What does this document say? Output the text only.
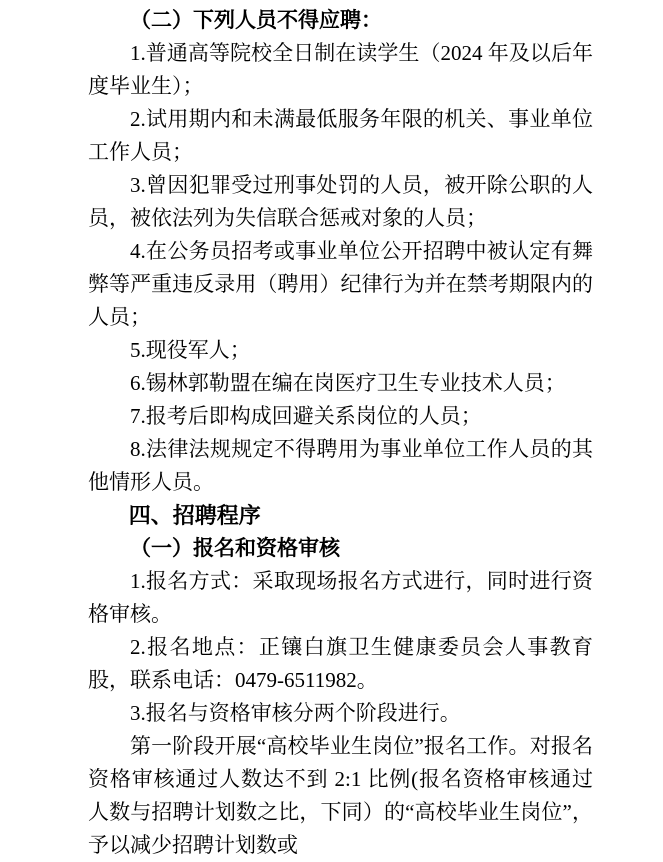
（二）下列人员不得应聘：
1.普通高等院校全日制在读学生（2024 年及以后年度毕业生）；
2.试用期内和未满最低服务年限的机关、事业单位工作人员；
3.曾因犯罪受过刑事处罚的人员，被开除公职的人员，被依法列为失信联合惩戒对象的人员；
4.在公务员招考或事业单位公开招聘中被认定有舞弊等严重违反录用（聘用）纪律行为并在禁考期限内的人员；
5.现役军人；
6.锡林郭勒盟在编在岗医疗卫生专业技术人员；
7.报考后即构成回避关系岗位的人员；
8.法律法规规定不得聘用为事业单位工作人员的其他情形人员。
四、招聘程序
（一）报名和资格审核
1.报名方式：采取现场报名方式进行，同时进行资格审核。
2.报名地点：正镶白旗卫生健康委员会人事教育股，联系电话：0479-6511982。
3.报名与资格审核分两个阶段进行。
第一阶段开展“高校毕业生岗位”报名工作。对报名资格审核通过人数达不到 2:1 比例(报名资格审核通过人数与招聘计划数之比，下同）的“高校毕业生岗位”，予以减少招聘计划数或
